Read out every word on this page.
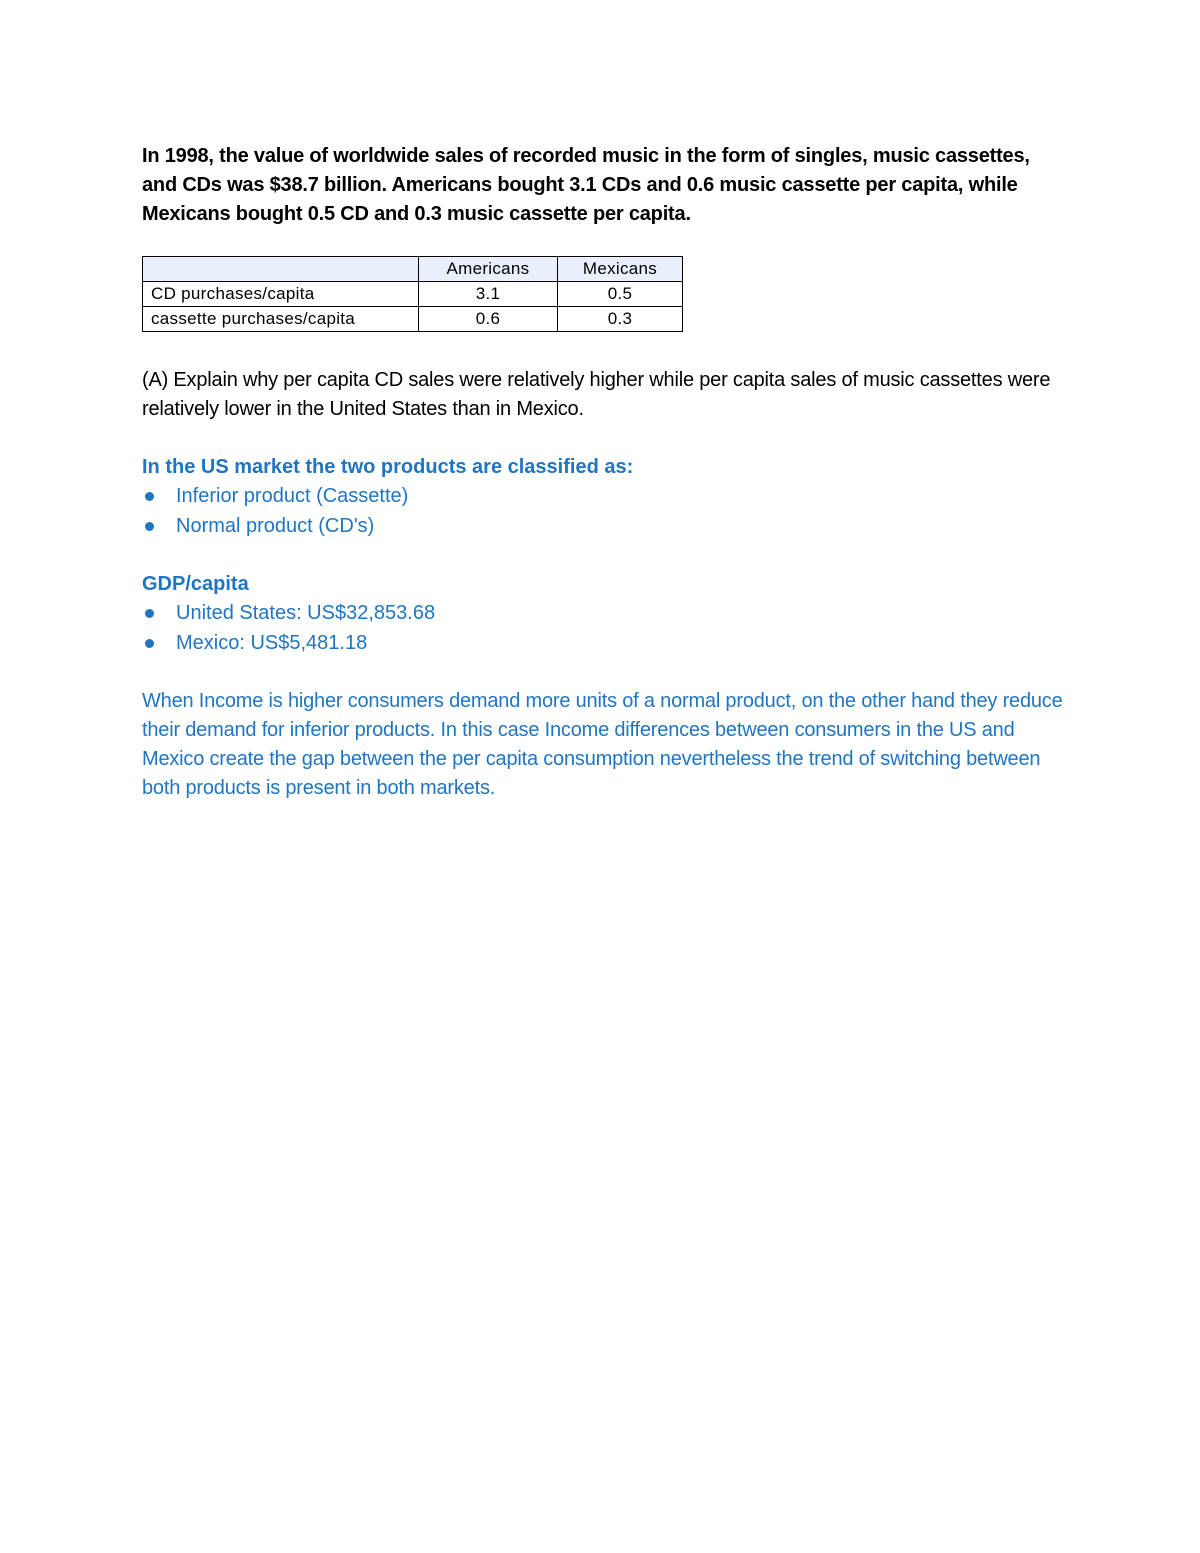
In 1998, the value of worldwide sales of recorded music in the form of singles, music cassettes, and CDs was $38.7 billion. Americans bought 3.1 CDs and 0.6 music cassette per capita, while Mexicans bought 0.5 CD and 0.3 music cassette per capita.

	Americans	Mexicans
CD purchases/capita	3.1	0.5
cassette purchases/capita	0.6	0.3

(A) Explain why per capita CD sales were relatively higher while per capita sales of music cassettes were relatively lower in the United States than in Mexico.

In the US market the two products are classified as:
Inferior product (Cassette)
Normal product (CD's)
GDP/capita
United States: US$32,853.68
Mexico: US$5,481.18

When Income is higher consumers demand more units of a normal product, on the other hand they reduce their demand for inferior products. In this case Income differences between consumers in the US and Mexico create the gap between the per capita consumption nevertheless the trend of switching between both products is present in both markets.
